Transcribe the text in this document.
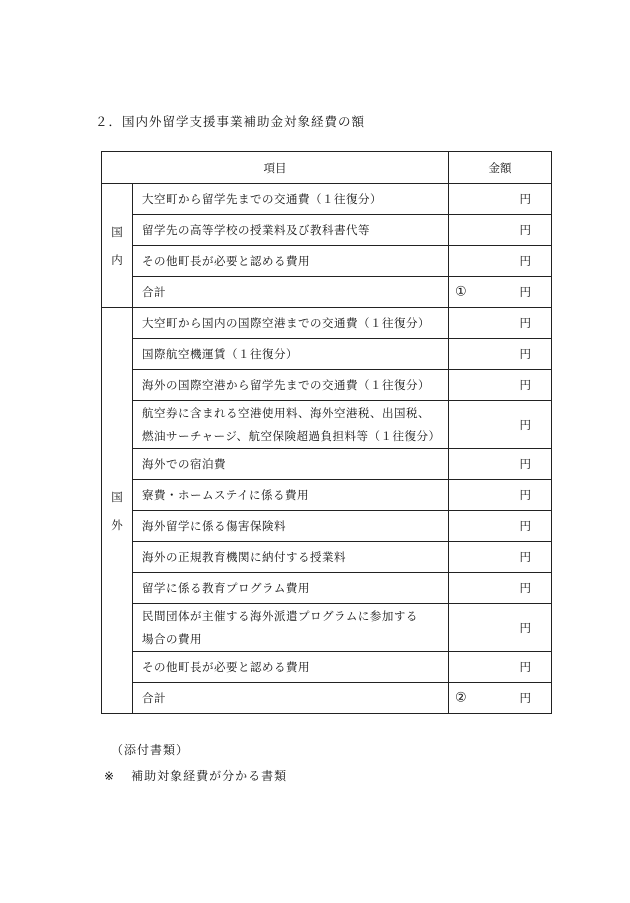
２．国内外留学支援事業補助金対象経費の額
項目		金額

国
内	大空町から留学先までの交通費（１往復分）	円

	留学先の高等学校の授業料及び教科書代等	円

	その他町長が必要と認める費用	円

	合計	① 円

国
外	大空町から国内の国際空港までの交通費（１往復分）	円

	国際航空機運賃（１往復分）	円

	海外の国際空港から留学先までの交通費（１往復分）	円

	航空券に含まれる空港使用料、海外空港税、出国税、
燃油サーチャージ、航空保険超過負担料等（１往復分）	円

	海外での宿泊費	円

	寮費・ホームステイに係る費用	円

	海外留学に係る傷害保険料	円

	海外の正規教育機関に納付する授業料	円

	留学に係る教育プログラム費用	円

	民間団体が主催する海外派遣プログラムに参加する
場合の費用	円

	その他町長が必要と認める費用	円

	合計	② 円
（添付書類）
※ 補助対象経費が分かる書類
